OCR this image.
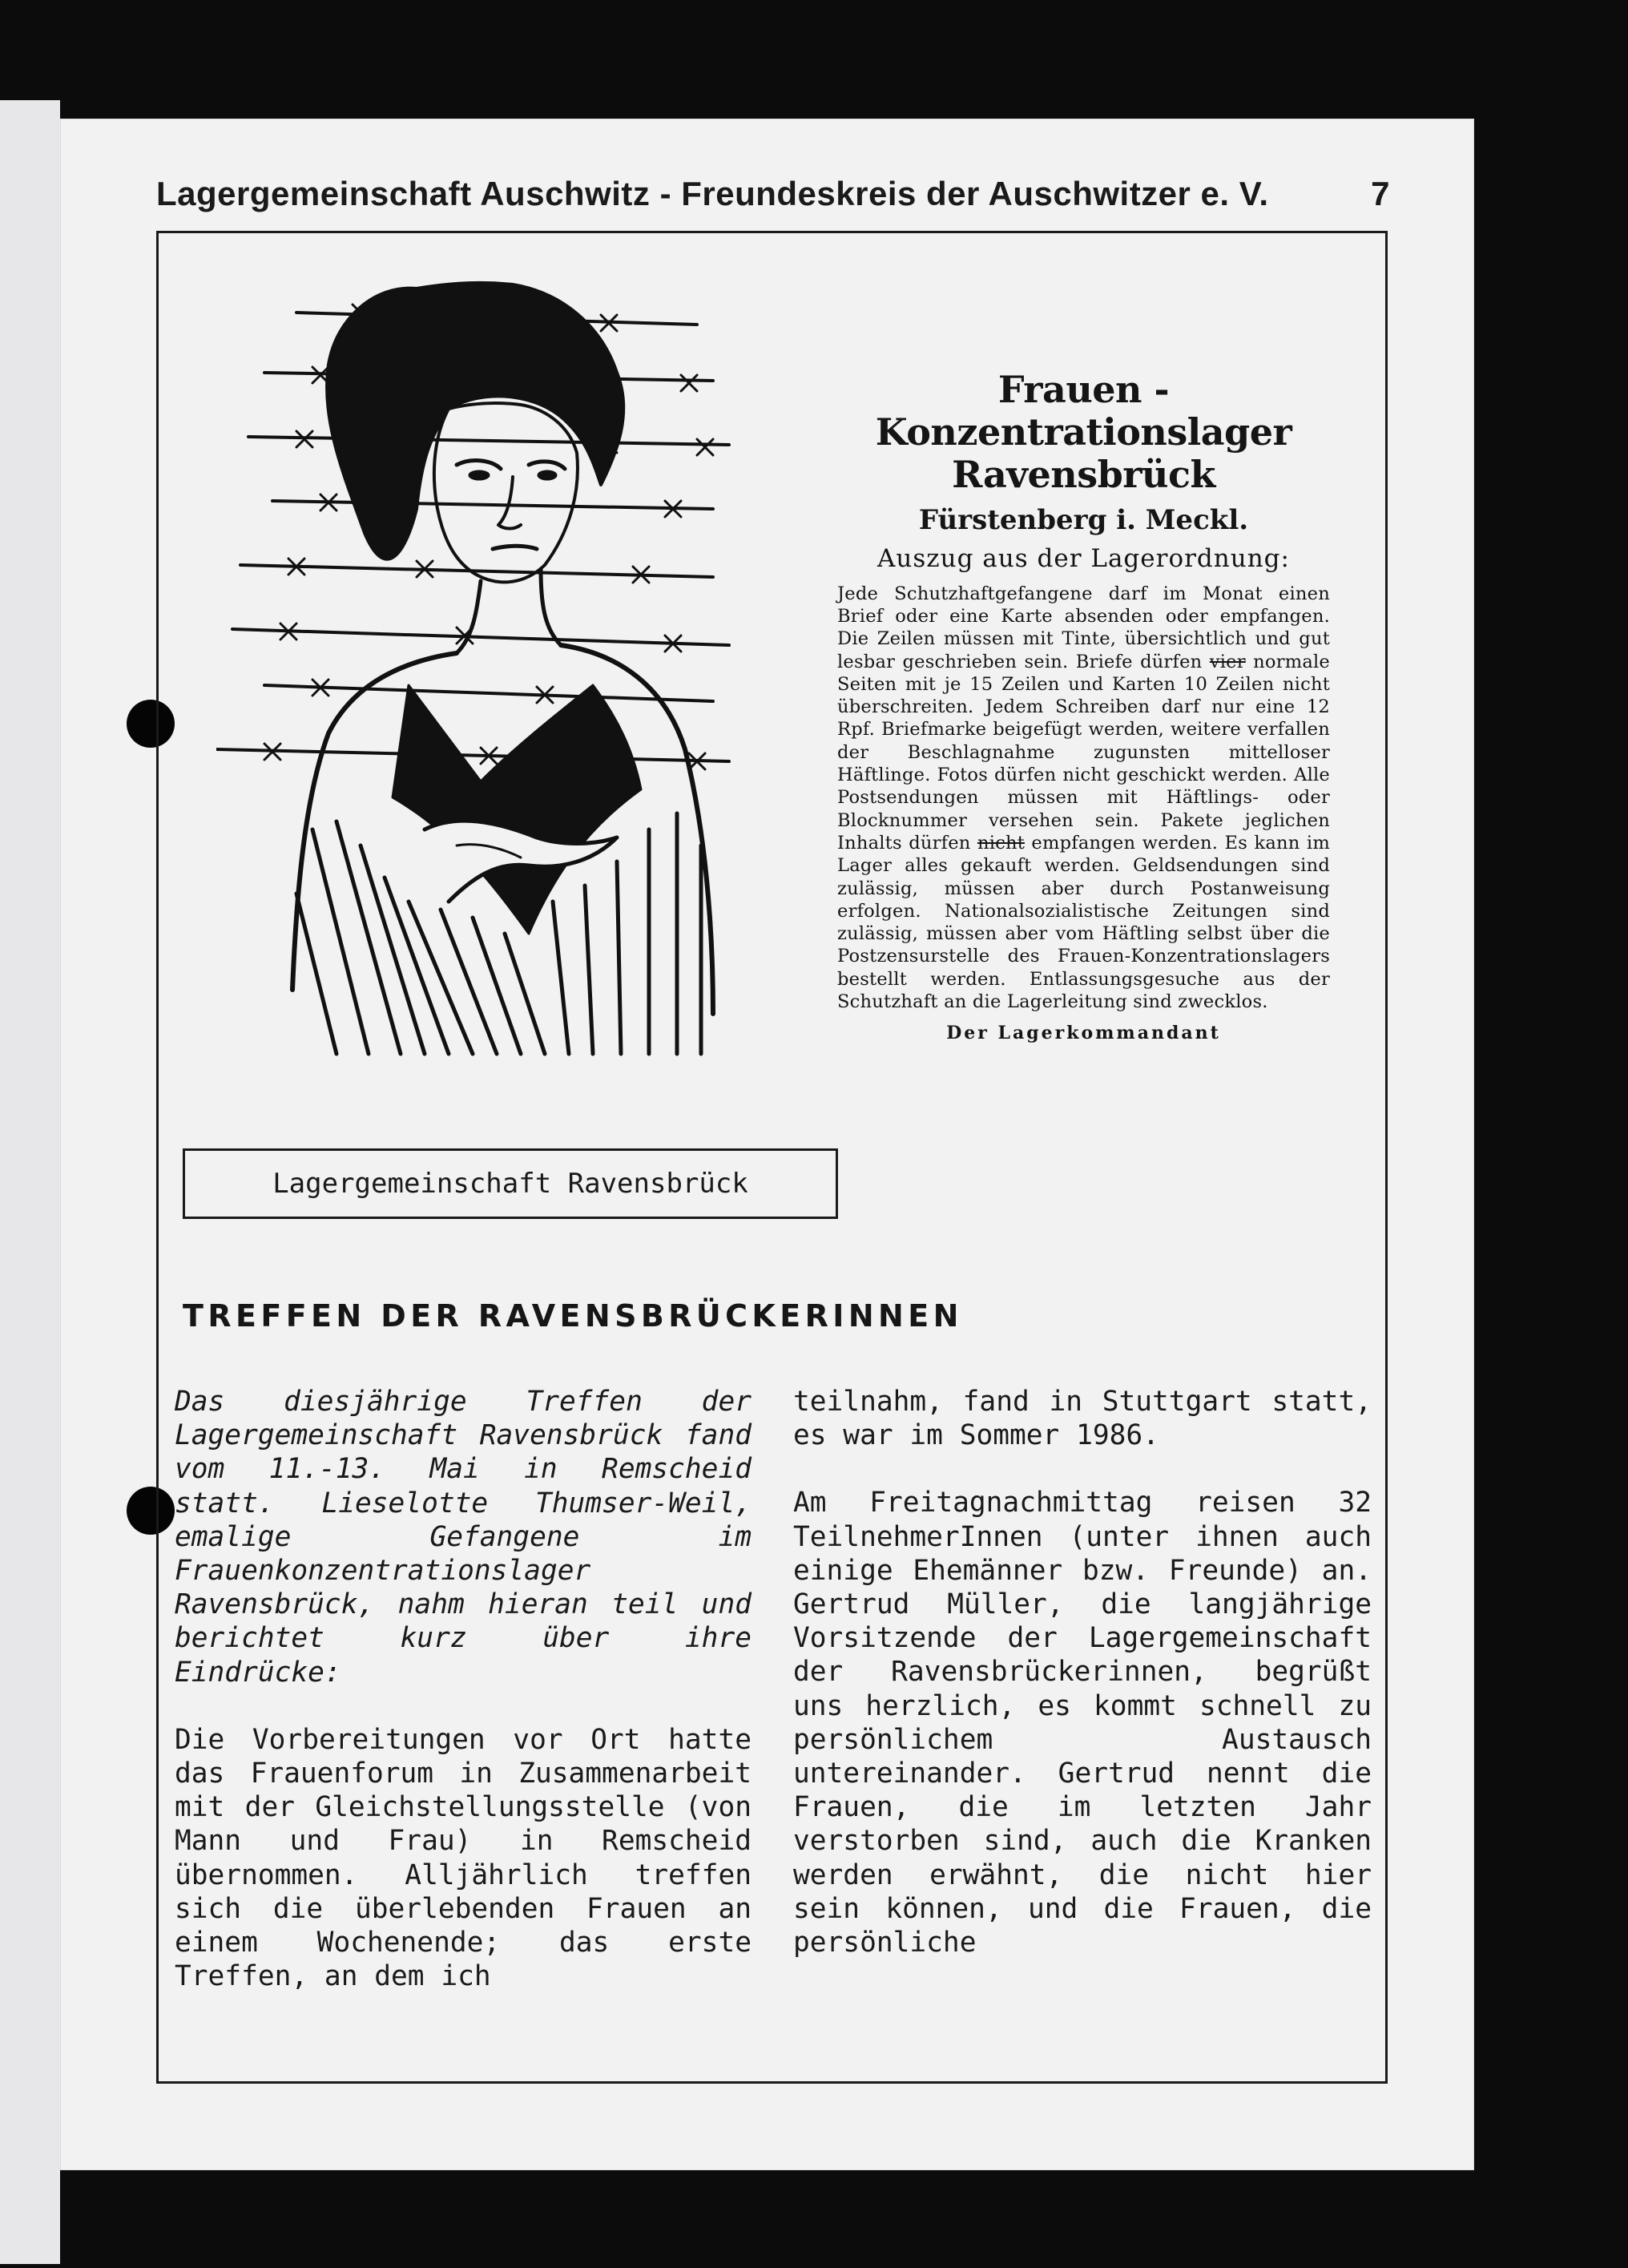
Lagergemeinschaft Auschwitz - Freundeskreis der Auschwitzer e. V.	7
Frauen - Konzentrationslager
Ravensbrück
Fürstenberg i. Meckl.
Auszug aus der Lagerordnung:
Jede Schutzhaftgefangene darf im Monat einen Brief oder eine Karte absenden oder empfangen. Die Zeilen müssen mit Tinte, übersichtlich und gut lesbar geschrieben sein. Briefe dürfen vier normale Seiten mit je 15 Zeilen und Karten 10 Zeilen nicht überschreiten. Jedem Schreiben darf nur eine 12 Rpf. Briefmarke beigefügt werden, weitere verfallen der Beschlagnahme zugunsten mittelloser Häftlinge. Fotos dürfen nicht geschickt werden. Alle Postsendungen müssen mit Häftlings- oder Blocknummer versehen sein. Pakete jeglichen Inhalts dürfen nicht empfangen werden. Es kann im Lager alles gekauft werden. Geldsendungen sind zulässig, müssen aber durch Postanweisung erfolgen. Nationalsozialistische Zeitungen sind zulässig, müssen aber vom Häftling selbst über die Postzensurstelle des Frauen-Konzentrationslagers bestellt werden. Entlassungsgesuche aus der Schutzhaft an die Lagerleitung sind zwecklos.
Der Lagerkommandant
Lagergemeinschaft Ravensbrück
TREFFEN DER RAVENSBRÜCKERINNEN

Das diesjährige Treffen der Lagergemeinschaft Ravensbrück fand vom 11.-13. Mai in Remscheid statt. Lieselotte Thumser-Weil, emalige Gefangene im Frauenkonzentrationslager Ravensbrück, nahm hieran teil und berichtet kurz über ihre Eindrücke:

Die Vorbereitungen vor Ort hatte das Frauenforum in Zusammenarbeit mit der Gleichstellungsstelle (von Mann und Frau) in Remscheid übernommen. Alljährlich treffen sich die überlebenden Frauen an einem Wochenende; das erste Treffen, an dem ich

teilnahm, fand in Stuttgart statt, es war im Sommer 1986.

Am Freitagnachmittag reisen 32 TeilnehmerInnen (unter ihnen auch einige Ehemänner bzw. Freunde) an. Gertrud Müller, die langjährige Vorsitzende der Lagergemeinschaft der Ravensbrückerinnen, begrüßt uns herzlich, es kommt schnell zu persönlichem Austausch untereinander. Gertrud nennt die Frauen, die im letzten Jahr verstorben sind, auch die Kranken werden erwähnt, die nicht hier sein können, und die Frauen, die persönliche
